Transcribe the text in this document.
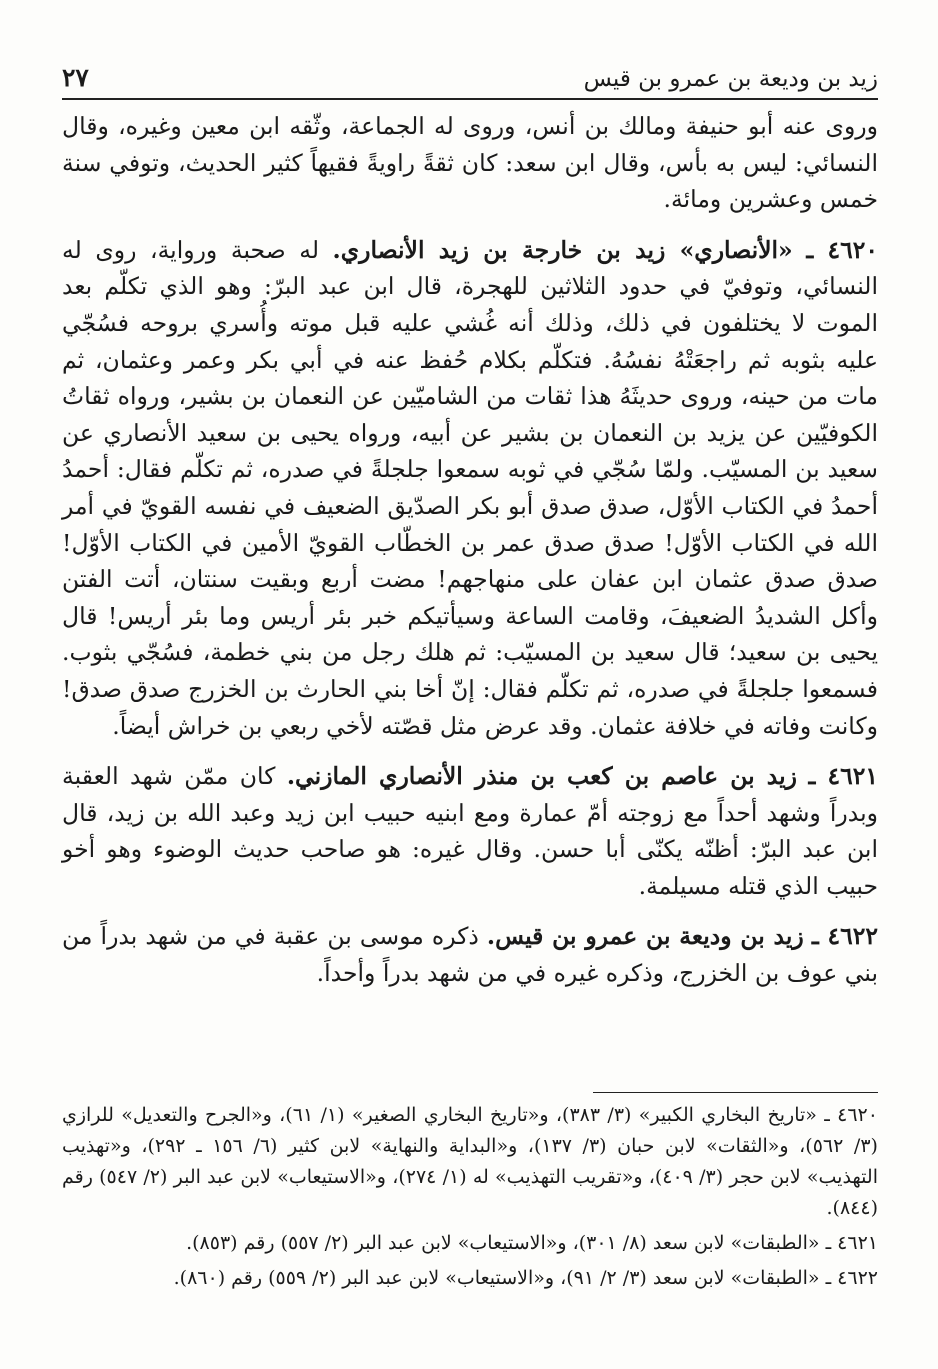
زيد بن وديعة بن عمرو بن قيس
٢٧

وروى عنه أبو حنيفة ومالك بن أنس، وروى له الجماعة، وثّقه ابن معين وغيره، وقال النسائي: ليس به بأس، وقال ابن سعد: كان ثقةً راويةً فقيهاً كثير الحديث، وتوفي سنة خمس وعشرين ومائة.

٤٦٢٠ ـ «الأنصاري» زيد بن خارجة بن زيد الأنصاري. له صحبة ورواية، روى له النسائي، وتوفيّ في حدود الثلاثين للهجرة، قال ابن عبد البرّ: وهو الذي تكلّم بعد الموت لا يختلفون في ذلك، وذلك أنه غُشي عليه قبل موته وأُسري بروحه فسُجّي عليه بثوبه ثم راجعَتْهُ نفسُهُ. فتكلّم بكلام حُفظ عنه في أبي بكر وعمر وعثمان، ثم مات من حينه، وروى حديثَهُ هذا ثقات من الشاميّين عن النعمان بن بشير، ورواه ثقاتُ الكوفيّين عن يزيد بن النعمان بن بشير عن أبيه، ورواه يحيى بن سعيد الأنصاري عن سعيد بن المسيّب. ولمّا سُجّي في ثوبه سمعوا جلجلةً في صدره، ثم تكلّم فقال: أحمدُ أحمدُ في الكتاب الأوّل، صدق صدق أبو بكر الصدّيق الضعيف في نفسه القويّ في أمر الله في الكتاب الأوّل! صدق صدق عمر بن الخطّاب القويّ الأمين في الكتاب الأوّل! صدق صدق عثمان ابن عفان على منهاجهم! مضت أربع وبقيت سنتان، أتت الفتن وأكل الشديدُ الضعيفَ، وقامت الساعة وسيأتيكم خبر بئر أريس وما بئر أريس! قال يحيى بن سعيد؛ قال سعيد بن المسيّب: ثم هلك رجل من بني خطمة، فسُجّي بثوب. فسمعوا جلجلةً في صدره، ثم تكلّم فقال: إنّ أخا بني الحارث بن الخزرج صدق صدق! وكانت وفاته في خلافة عثمان. وقد عرض مثل قصّته لأخي ربعي بن خراش أيضاً.

٤٦٢١ ـ زيد بن عاصم بن كعب بن منذر الأنصاري المازني. كان ممّن شهد العقبة وبدراً وشهد أحداً مع زوجته أمّ عمارة ومع ابنيه حبيب ابن زيد وعبد الله بن زيد، قال ابن عبد البرّ: أظنّه يكنّى أبا حسن. وقال غيره: هو صاحب حديث الوضوء وهو أخو حبيب الذي قتله مسيلمة.

٤٦٢٢ ـ زيد بن وديعة بن عمرو بن قيس. ذكره موسى بن عقبة في من شهد بدراً من بني عوف بن الخزرج، وذكره غيره في من شهد بدراً وأحداً.

٤٦٢٠ ـ «تاريخ البخاري الكبير» (٣/ ٣٨٣)، و«تاريخ البخاري الصغير» (١/ ٦١)، و«الجرح والتعديل» للرازي (٣/ ٥٦٢)، و«الثقات» لابن حبان (٣/ ١٣٧)، و«البداية والنهاية» لابن كثير (٦/ ١٥٦ ـ ٢٩٢)، و«تهذيب التهذيب» لابن حجر (٣/ ٤٠٩)، و«تقريب التهذيب» له (١/ ٢٧٤)، و«الاستيعاب» لابن عبد البر (٢/ ٥٤٧) رقم (٨٤٤).

٤٦٢١ ـ «الطبقات» لابن سعد (٨/ ٣٠١)، و«الاستيعاب» لابن عبد البر (٢/ ٥٥٧) رقم (٨٥٣).

٤٦٢٢ ـ «الطبقات» لابن سعد (٣/ ٢/ ٩١)، و«الاستيعاب» لابن عبد البر (٢/ ٥٥٩) رقم (٨٦٠).
